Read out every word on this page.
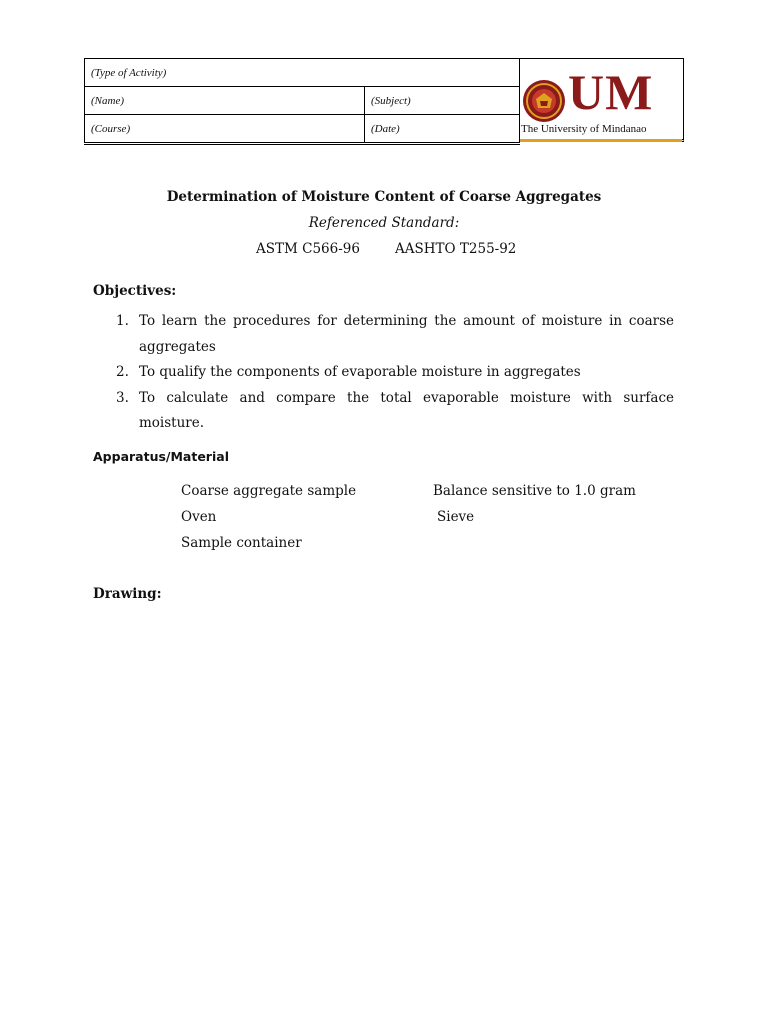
(Type of Activity)	
(Name)	(Subject)
(Course)	(Date)
UM
The University of Mindanao
Determination of Moisture Content of Coarse Aggregates
Referenced Standard:
ASTM C566-96	AASHTO T255-92
Objectives:
1. To learn the procedures for determining the amount of moisture in coarse aggregates
2. To qualify the components of evaporable moisture in aggregates
3. To calculate and compare the total evaporable moisture with surface moisture.
Apparatus/Material
Coarse aggregate sample	Balance sensitive to 1.0 gram
Oven	Sieve
Sample container
Drawing:
